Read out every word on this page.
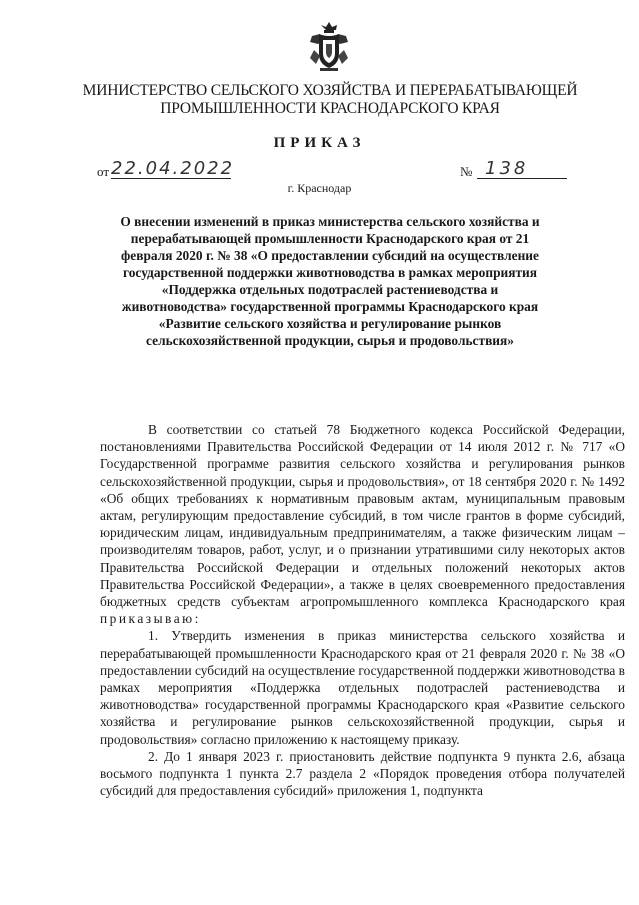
МИНИСТЕРСТВО СЕЛЬСКОГО ХОЗЯЙСТВА И ПЕРЕРАБАТЫВАЮЩЕЙ
ПРОМЫШЛЕННОСТИ КРАСНОДАРСКОГО КРАЯ
ПРИКАЗ
от 22.04.2022	№ 138
г. Краснодар
О внесении изменений в приказ министерства сельского хозяйства и перерабатывающей промышленности Краснодарского края от 21 февраля 2020 г. № 38 «О предоставлении субсидий на осуществление государственной поддержки животноводства в рамках мероприятия «Поддержка отдельных подотраслей растениеводства и животноводства» государственной программы Краснодарского края «Развитие сельского хозяйства и регулирование рынков сельскохозяйственной продукции, сырья и продовольствия»

В соответствии со статьей 78 Бюджетного кодекса Российской Федерации, постановлениями Правительства Российской Федерации от 14 июля 2012 г. № 717 «О Государственной программе развития сельского хозяйства и регулирования рынков сельскохозяйственной продукции, сырья и продовольствия», от 18 сентября 2020 г. № 1492 «Об общих требованиях к нормативным правовым актам, муниципальным правовым актам, регулирующим предоставление субсидий, в том числе грантов в форме субсидий, юридическим лицам, индивидуальным предпринимателям, а также физическим лицам – производителям товаров, работ, услуг, и о признании утратившими силу некоторых актов Правительства Российской Федерации и отдельных положений некоторых актов Правительства Российской Федерации», а также в целях своевременного предоставления бюджетных средств субъектам агропромышленного комплекса Краснодарского края приказываю:

1. Утвердить изменения в приказ министерства сельского хозяйства и перерабатывающей промышленности Краснодарского края от 21 февраля 2020 г. № 38 «О предоставлении субсидий на осуществление государственной поддержки животноводства в рамках мероприятия «Поддержка отдельных подотраслей растениеводства и животноводства» государственной программы Краснодарского края «Развитие сельского хозяйства и регулирование рынков сельскохозяйственной продукции, сырья и продовольствия» согласно приложению к настоящему приказу.

2. До 1 января 2023 г. приостановить действие подпункта 9 пункта 2.6, абзаца восьмого подпункта 1 пункта 2.7 раздела 2 «Порядок проведения отбора получателей субсидий для предоставления субсидий» приложения 1, подпункта
